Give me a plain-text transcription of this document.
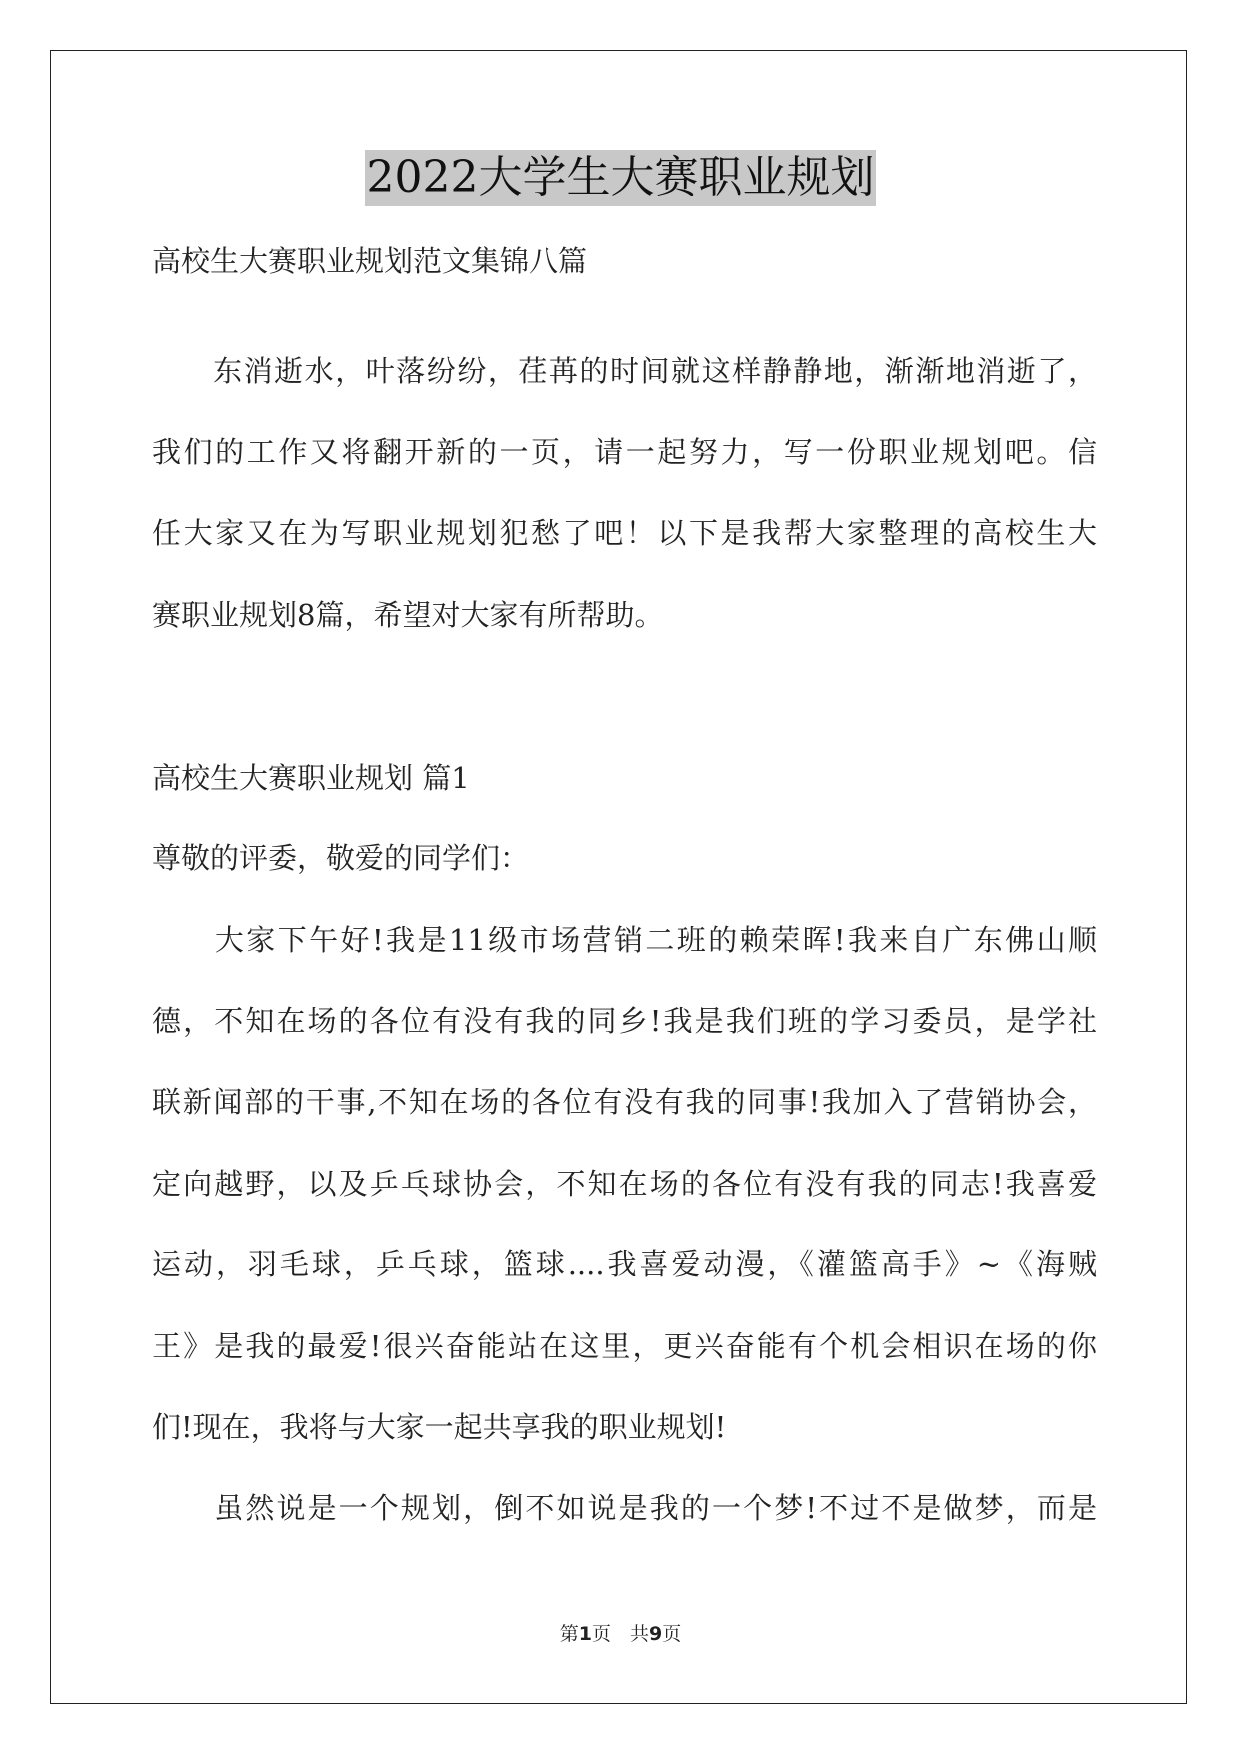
2022大学生大赛职业规划
高校生大赛职业规划范文集锦八篇
　　东消逝水，叶落纷纷，荏苒的时间就这样静静地，渐渐地消逝了，
我们的工作又将翻开新的一页，请一起努力，写一份职业规划吧。信
任大家又在为写职业规划犯愁了吧！以下是我帮大家整理的高校生大
赛职业规划8篇，希望对大家有所帮助。
高校生大赛职业规划 篇1
尊敬的评委，敬爱的同学们：
　　大家下午好!我是11级市场营销二班的赖荣晖!我来自广东佛山顺
德，不知在场的各位有没有我的同乡!我是我们班的学习委员，是学社
联新闻部的干事,不知在场的各位有没有我的同事!我加入了营销协会，
定向越野，以及乒乓球协会，不知在场的各位有没有我的同志!我喜爱
运动，羽毛球，乒乓球，篮球....我喜爱动漫，《灌篮高手》~《海贼
王》是我的最爱!很兴奋能站在这里，更兴奋能有个机会相识在场的你
们!现在，我将与大家一起共享我的职业规划!
　　虽然说是一个规划，倒不如说是我的一个梦!不过不是做梦，而是
第1页　共9页
